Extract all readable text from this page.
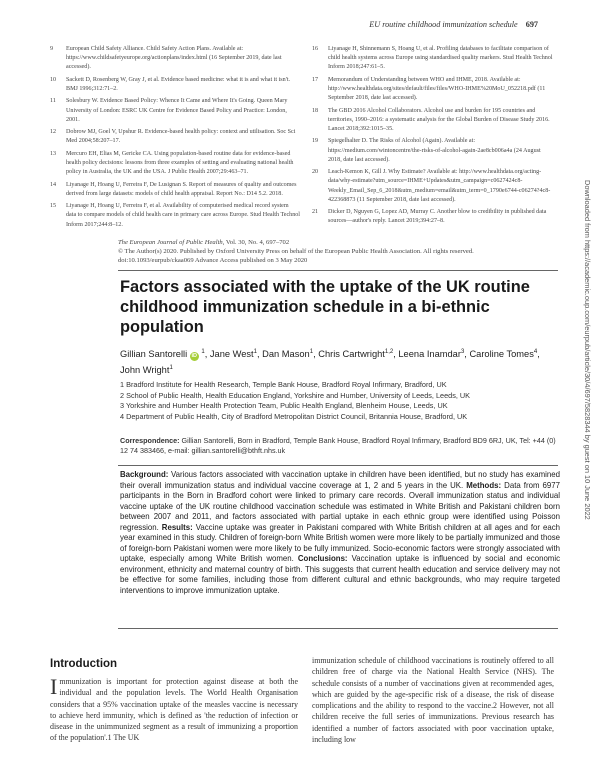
EU routine childhood immunization schedule 697
9	European Child Safety Alliance. Child Safety Action Plans. Available at: https://www.childsafetyeurope.org/actionplans/index.html (16 September 2019, date last accessed).
10	Sackett D, Rosenberg W, Gray J, et al. Evidence based medicine: what it is and what it isn't. BMJ 1996;312:71–2.
11	Solesbury W. Evidence Based Policy: Whence It Came and Where It's Going. Queen Mary University of London: ESRC UK Centre for Evidence Based Policy and Practice: London, 2001.
12	Dobrow MJ, Goel V, Upshur R. Evidence-based health policy: context and utilisation. Soc Sci Med 2004;58:207–17.
13	Mercuro EH, Elias M, Gericke CA. Using population-based routine data for evidence-based health policy decisions: lessons from three examples of setting and evaluating national health policy in Australia, the UK and the USA. J Public Health 2007;29:463–71.
14	Liyanage H, Hoang U, Ferreira F, De Lusignan S. Report of measures of quality and outcomes derived from large datasets: models of child health appraisal. Report No.: D14 5.2. 2018.
15	Liyanage H, Hoang U, Ferreira F, et al. Availability of computerised medical record system data to compare models of child health care in primary care across Europe. Stud Health Technol Inform 2017;244:8–12.
16	Liyanage H, Shinnemann S, Hoang U, et al. Profiling databases to facilitate comparison of child health systems across Europe using standardised quality markers. Stud Health Technol Inform 2018;247:61–5.
17	Memorandum of Understanding between WHO and IHME, 2018. Available at: http://www.healthdata.org/sites/default/files/files/WHO-IHME%20MoU_052218.pdf (11 September 2018, date last accessed).
18	The GBD 2016 Alcohol Collaborators. Alcohol use and burden for 195 countries and territories, 1990–2016: a systematic analysis for the Global Burden of Disease Study 2016. Lancet 2018;392:1015–35.
19	Spiegelhalter D. The Risks of Alcohol (Again). Available at: https://medium.com/wintoncentre/the-risks-of-alcohol-again-2ae8cb006a4a (24 August 2018, date last accessed).
20	Leach-Kemon K, Gill J. Why Estimate? Available at: http://www.healthdata.org/acting-data/why-estimate?utm_source=IHME+Updates&utm_campaign=c0627424c8-Weekly_Email_Sep_6_2018&utm_medium=email&utm_term=0_1790e6744-c06274?4c8-422368873 (11 September 2018, date last accessed).
21	Dicker D, Nguyen G, Lopez AD, Murray C. Another blow to credibility in published data sources—author's reply. Lancet 2019;394:27–8.
The European Journal of Public Health, Vol. 30, No. 4, 697–702
© The Author(s) 2020. Published by Oxford University Press on behalf of the European Public Health Association. All rights reserved.
doi:10.1093/eurpub/ckaa069 Advance Access published on 3 May 2020
Factors associated with the uptake of the UK routine childhood immunization schedule in a bi-ethnic population
Gillian Santorelli iD $^1$, Jane West$^1$, Dan Mason$^1$, Chris Cartwright$^{1,2}$, Leena Inamdar$^3$, Caroline Tomes$^4$, John Wright$^1$
1 Bradford Institute for Health Research, Temple Bank House, Bradford Royal Infirmary, Bradford, UK
2 School of Public Health, Health Education England, Yorkshire and Humber, University of Leeds, Leeds, UK
3 Yorkshire and Humber Health Protection Team, Public Health England, Blenheim House, Leeds, UK
4 Department of Public Health, City of Bradford Metropolitan District Council, Britannia House, Bradford, UK
Correspondence: Gillian Santorelli, Born in Bradford, Temple Bank House, Bradford Royal Infirmary, Bradford BD9 6RJ, UK, Tel: +44 (0) 12 74 383466, e-mail: gillian.santorelli@bthft.nhs.uk
Background: Various factors associated with vaccination uptake in children have been identified, but no study has examined their overall immunization status and individual vaccine coverage at 1, 2 and 5 years in the UK. Methods: Data from 6977 participants in the Born in Bradford cohort were linked to primary care records. Overall immunization status and individual vaccine uptake of the UK routine childhood vaccination schedule was estimated in White British and Pakistani children born between 2007 and 2011, and factors associated with partial uptake in each ethnic group were identified using Poisson regression. Results: Vaccine uptake was greater in Pakistani compared with White British children at all ages and for each year examined in this study. Children of foreign-born White British women were more likely to be partially immunized and those of foreign-born Pakistani women were more likely to be fully immunized. Socio-economic factors were strongly associated with uptake, especially among White British women. Conclusions: Vaccination uptake is influenced by social and economic environment, ethnicity and maternal country of birth. This suggests that current health education and service delivery may not be effective for some families, including those from different cultural and ethnic backgrounds, who may require targeted interventions to improve immunization uptake.
Downloaded from https://academic.oup.com/eurpub/article/30/4/697/5828344 by guest on 10 June 2022
Introduction
Immunization is important for protection against disease at both the individual and the population levels. The World Health Organisation considers that a 95% vaccination uptake of the measles vaccine is necessary to achieve herd immunity, which is defined as 'the reduction of infection or disease in the unimmunized segment as a result of immunizing a proportion of the population'.1 The UK
immunization schedule of childhood vaccinations is routinely offered to all children free of charge via the National Health Service (NHS). The schedule consists of a number of vaccinations given at recommended ages, which are guided by the age-specific risk of a disease, the risk of disease complications and the ability to respond to the vaccine.2 However, not all children receive the full series of immunizations. Previous research has identified a number of factors associated with poor vaccination uptake, including low
